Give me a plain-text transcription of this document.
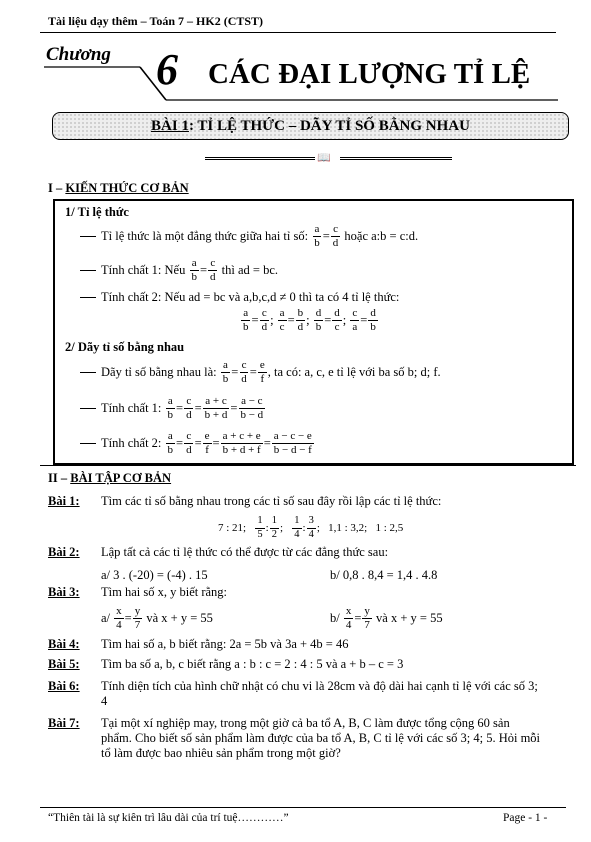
Tài liệu dạy thêm – Toán 7 – HK2 (CTST)
Chương 6 CÁC ĐẠI LƯỢNG TỈ LỆ
BÀI 1 : TỈ LỆ THỨC – DÃY TỈ SỐ BẰNG NHAU
📖
I – KIẾN THỨC CƠ BẢN
1/ Tỉ lệ thức
Tỉ lệ thức là một đẳng thức giữa hai tỉ số:
$\frac{a}{b} = \frac{c}{d}$
hoặc a:b = c:d.
Tính chất 1: Nếu
$\frac{a}{b} = \frac{c}{d}$
thì ad = bc.
Tính chất 2: Nếu ad = bc và a,b,c,d ≠ 0 thì ta có 4 tỉ lệ thức:
$\frac{a}{b} = \frac{c}{d}$ ; $\frac{a}{c} = \frac{b}{d}$ ; $\frac{d}{b} = \frac{d}{c}$ ; $\frac{c}{a} = \frac{d}{b}$
2/ Dãy tỉ số bằng nhau
Dãy tỉ số bằng nhau là:
$\frac{a}{b} = \frac{c}{d} = \frac{e}{f}$ , ta có: a, c, e tỉ lệ với ba số b; d; f.
Tính chất 1:
$\frac{a}{b} = \frac{c}{d} = \frac{a + c}{b + d} = \frac{a - c}{b - d}$
Tính chất 2:
$\frac{a}{b} = \frac{c}{d} = \frac{e}{f} = \frac{a + c + e}{b + d + f} = \frac{a - c - e}{b - d - f}$
II – BÀI TẬP CƠ BẢN
Bài 1: Tìm các tỉ số bằng nhau trong các tỉ số sau đây rồi lập các tỉ lệ thức:
7 : 21;
$\frac{1}{5}$ : $\frac{1}{2}$ ; $\frac{1}{4}$ : $\frac{3}{4}$ ; 1,1 : 3,2;
1 : 2,5
Bài 2: Lập tất cả các tỉ lệ thức có thể được từ các đẳng thức sau:
a/ 3 . (-20) = (-4) . 15	b/ 0,8 . 8,4 = 1,4 . 4.8
Bài 3: Tìm hai số x, y biết rằng:
$a/ \frac{x}{4} = \frac{y}{7}$
và x + y = 55	$b/ \frac{x}{4} = \frac{y}{7}$
và x + y = 55
Bài 4: Tìm hai số a, b biết rằng: 2a = 5b và 3a + 4b = 46
Bài 5: Tìm ba số a, b, c biết rằng a : b : c = 2 : 4 : 5 và a + b – c = 3
Bài 6: Tính diện tích của hình chữ nhật có chu vi là 28cm và độ dài hai cạnh tỉ lệ với các số 3;
4
Bài 7: Tại một xí nghiệp may, trong một giờ cả ba tổ A, B, C làm được tổng cộng 60 sản
phẩm. Cho biết số sản phẩm làm được của ba tổ A, B, C tỉ lệ với các số 3; 4; 5. Hỏi mỗi
tổ làm được bao nhiêu sản phẩm trong một giờ?
“Thiên tài là sự kiên trì lâu dài của trí tuệ…………”	Page - 1 -
